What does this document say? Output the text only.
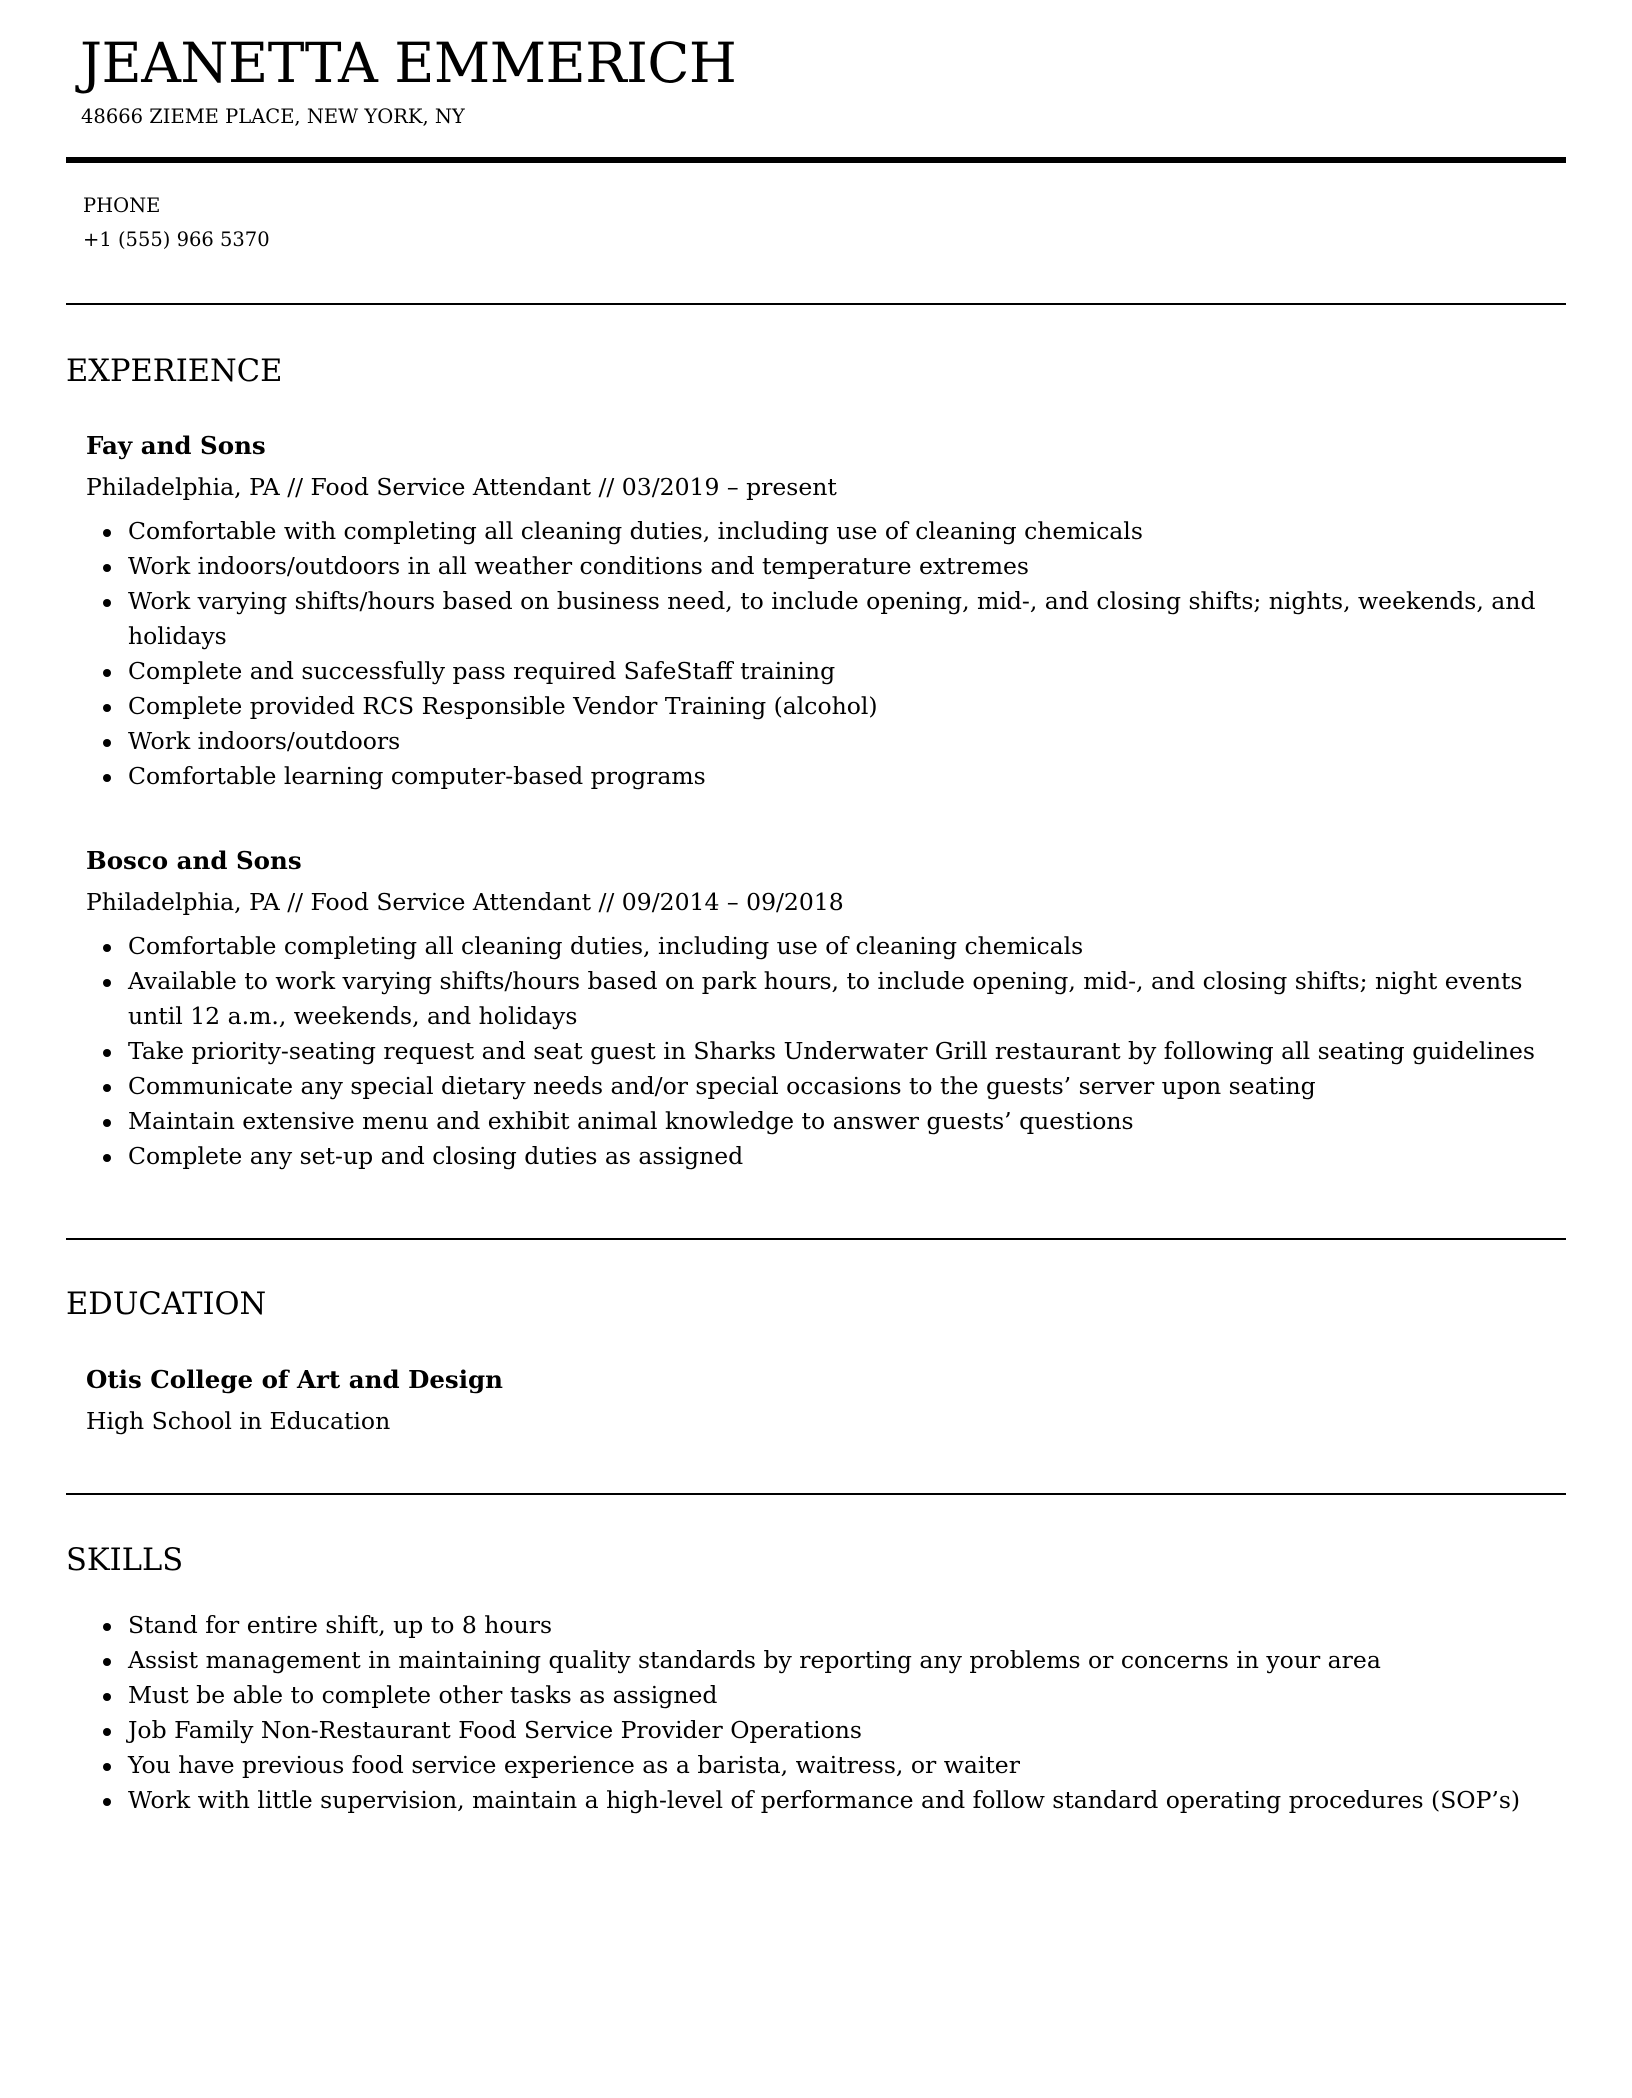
JEANETTA EMMERICH
48666 ZIEME PLACE, NEW YORK, NY
PHONE
+1 (555) 966 5370
EXPERIENCE
Fay and Sons
Philadelphia, PA // Food Service Attendant // 03/2019 – present
Comfortable with completing all cleaning duties, including use of cleaning chemicals
Work indoors/outdoors in all weather conditions and temperature extremes
Work varying shifts/hours based on business need, to include opening, mid-, and closing shifts; nights, weekends, and holidays
Complete and successfully pass required SafeStaff training
Complete provided RCS Responsible Vendor Training (alcohol)
Work indoors/outdoors
Comfortable learning computer-based programs
Bosco and Sons
Philadelphia, PA // Food Service Attendant // 09/2014 – 09/2018
Comfortable completing all cleaning duties, including use of cleaning chemicals
Available to work varying shifts/hours based on park hours, to include opening, mid-, and closing shifts; night events until 12 a.m., weekends, and holidays
Take priority-seating request and seat guest in Sharks Underwater Grill restaurant by following all seating guidelines
Communicate any special dietary needs and/or special occasions to the guests’ server upon seating
Maintain extensive menu and exhibit animal knowledge to answer guests’ questions
Complete any set-up and closing duties as assigned
EDUCATION
Otis College of Art and Design
High School in Education
SKILLS
Stand for entire shift, up to 8 hours
Assist management in maintaining quality standards by reporting any problems or concerns in your area
Must be able to complete other tasks as assigned
Job Family Non-Restaurant Food Service Provider Operations
You have previous food service experience as a barista, waitress, or waiter
Work with little supervision, maintain a high-level of performance and follow standard operating procedures (SOP’s)
